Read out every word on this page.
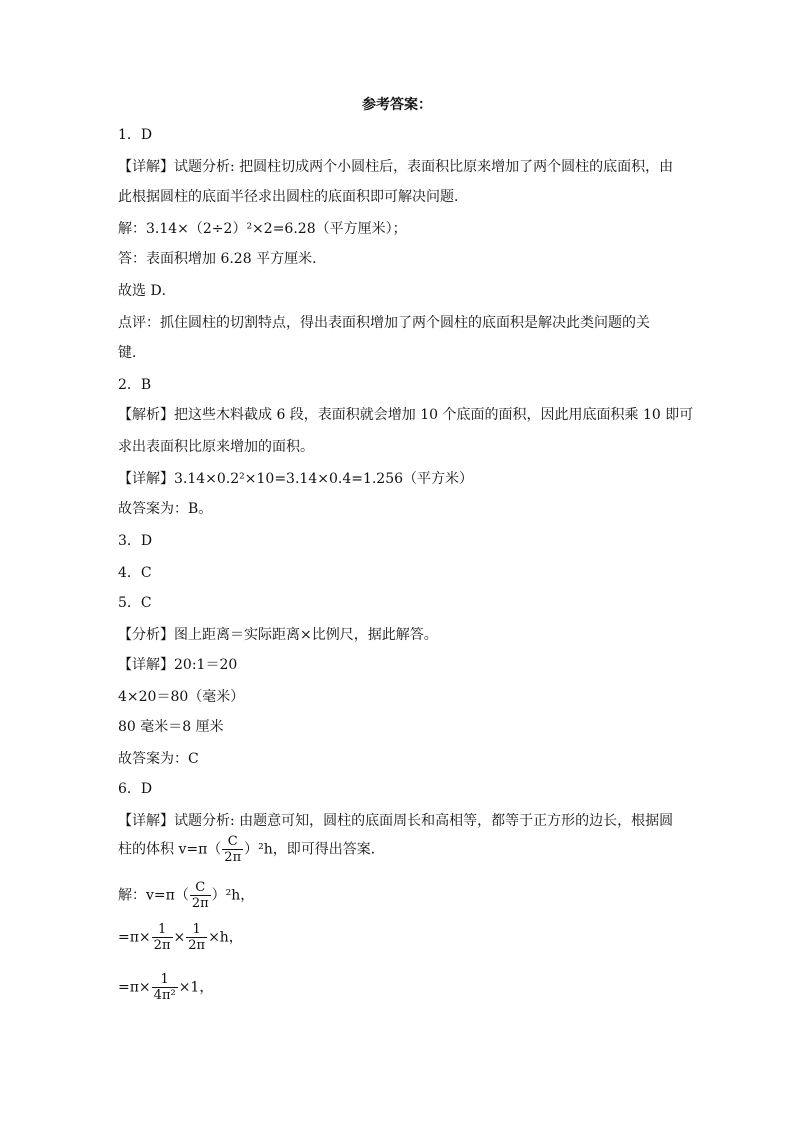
参考答案：
1．D
【详解】试题分析: 把圆柱切成两个小圆柱后，表面积比原来增加了两个圆柱的底面积，由
此根据圆柱的底面半径求出圆柱的底面积即可解决问题．
解：3.14×（2÷2）²×2=6.28（平方厘米）；
答：表面积增加 6.28 平方厘米．
故选 D．
点评：抓住圆柱的切割特点，得出表面积增加了两个圆柱的底面积是解决此类问题的关
键．
2．B
【解析】把这些木料截成 6 段，表面积就会增加 10 个底面的面积，因此用底面积乘 10 即可
求出表面积比原来增加的面积。
【详解】3.14×0.2²×10=3.14×0.4=1.256（平方米）
故答案为：B。
3．D
4．C
5．C
【分析】图上距离＝实际距离×比例尺，据此解答。
【详解】20:1＝20
4×20＝80（毫米）
80 毫米＝8 厘米
故答案为：C
6．D
【详解】试题分析: 由题意可知，圆柱的底面周长和高相等，都等于正方形的边长，根据圆
柱的体积 $v=\pi( \frac{C}{2\pi} )^2h$，即可得出答案．
解：$v=\pi( \frac{C}{2\pi} )^2h$，
$=\pi\times \frac{1}{2\pi} \times \frac{1}{2\pi} \times h$，
$=\pi\times \frac{1}{\text{4π²}} \times 1$，
